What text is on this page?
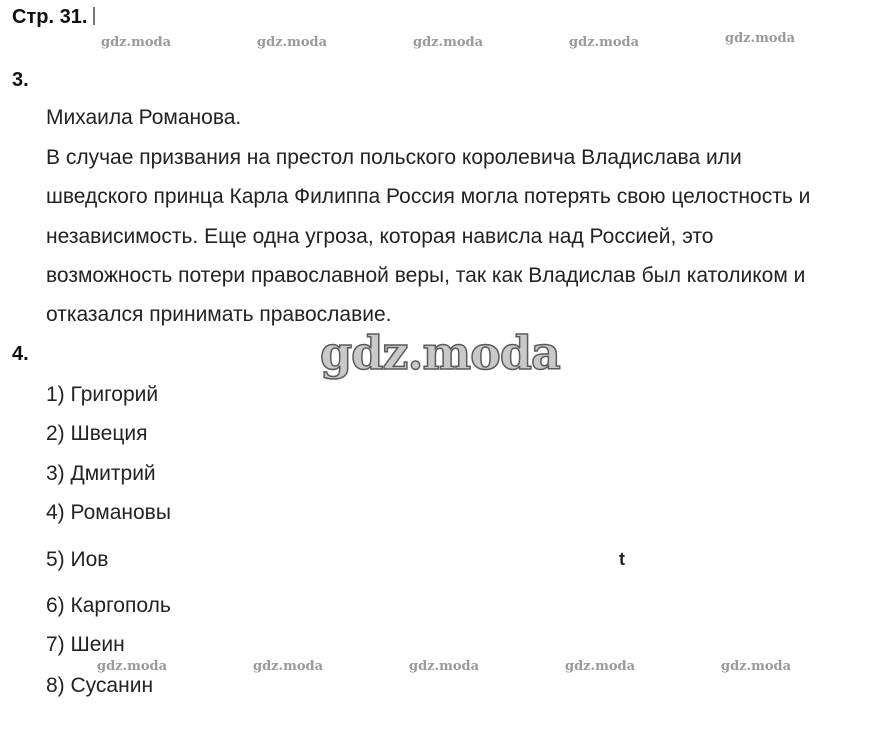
Стр. 31.
gdz.moda	gdz.moda	gdz.moda	gdz.moda	gdz.moda
3.
Михаила Романова.
В случае призвания на престол польского королевича Владислава или
шведского принца Карла Филиппа Россия могла потерять свою целостность и
независимость. Еще одна угроза, которая нависла над Россией, это
возможность потери православной веры, так как Владислав был католиком и
отказался принимать православие.
gdz.moda
4.
1) Григорий
2) Швеция
3) Дмитрий
4) Романовы
5) Иов
6) Каргополь
7) Шеин
8) Сусанин
t
gdz.moda	gdz.moda	gdz.moda	gdz.moda	gdz.moda
